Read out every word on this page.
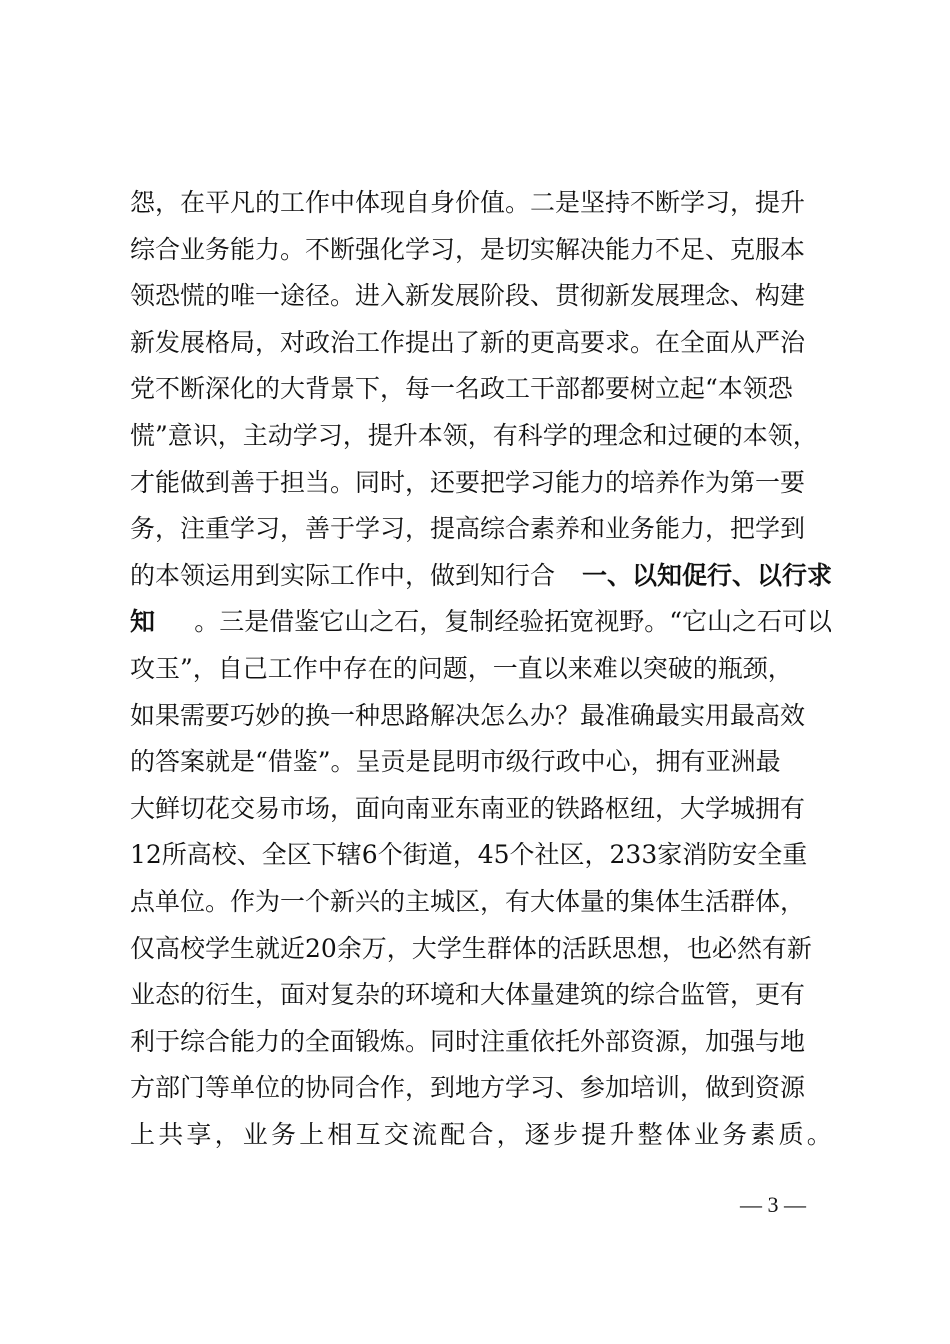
怨，在平凡的工作中体现自身价值。二是坚持不断学习，提升
综合业务能力。不断强化学习，是切实解决能力不足、克服本
领恐慌的唯一途径。进入新发展阶段、贯彻新发展理念、构建
新发展格局，对政治工作提出了新的更高要求。在全面从严治
党不断深化的大背景下，每一名政工干部都要树立起“本领恐
慌”意识，主动学习，提升本领，有科学的理念和过硬的本领，
才能做到善于担当。同时，还要把学习能力的培养作为第一要
务，注重学习，善于学习，提高综合素养和业务能力，把学到
的本领运用到实际工作中，做到知行合 一、以知促行、以行求
知 。三是借鉴它山之石，复制经验拓宽视野。“它山之石可以
攻玉”，自己工作中存在的问题，一直以来难以突破的瓶颈，
如果需要巧妙的换一种思路解决怎么办？最准确最实用最高效
的答案就是“借鉴”。呈贡是昆明市级行政中心，拥有亚洲最
大鲜切花交易市场，面向南亚东南亚的铁路枢纽，大学城拥有
12所高校、全区下辖6个街道，45个社区，233家消防安全重
点单位。作为一个新兴的主城区，有大体量的集体生活群体，
仅高校学生就近20余万，大学生群体的活跃思想，也必然有新
业态的衍生，面对复杂的环境和大体量建筑的综合监管，更有
利于综合能力的全面锻炼。同时注重依托外部资源，加强与地
方部门等单位的协同合作，到地方学习、参加培训，做到资源
上共享，业务上相互交流配合，逐步提升整体业务素质。
— 3 —
